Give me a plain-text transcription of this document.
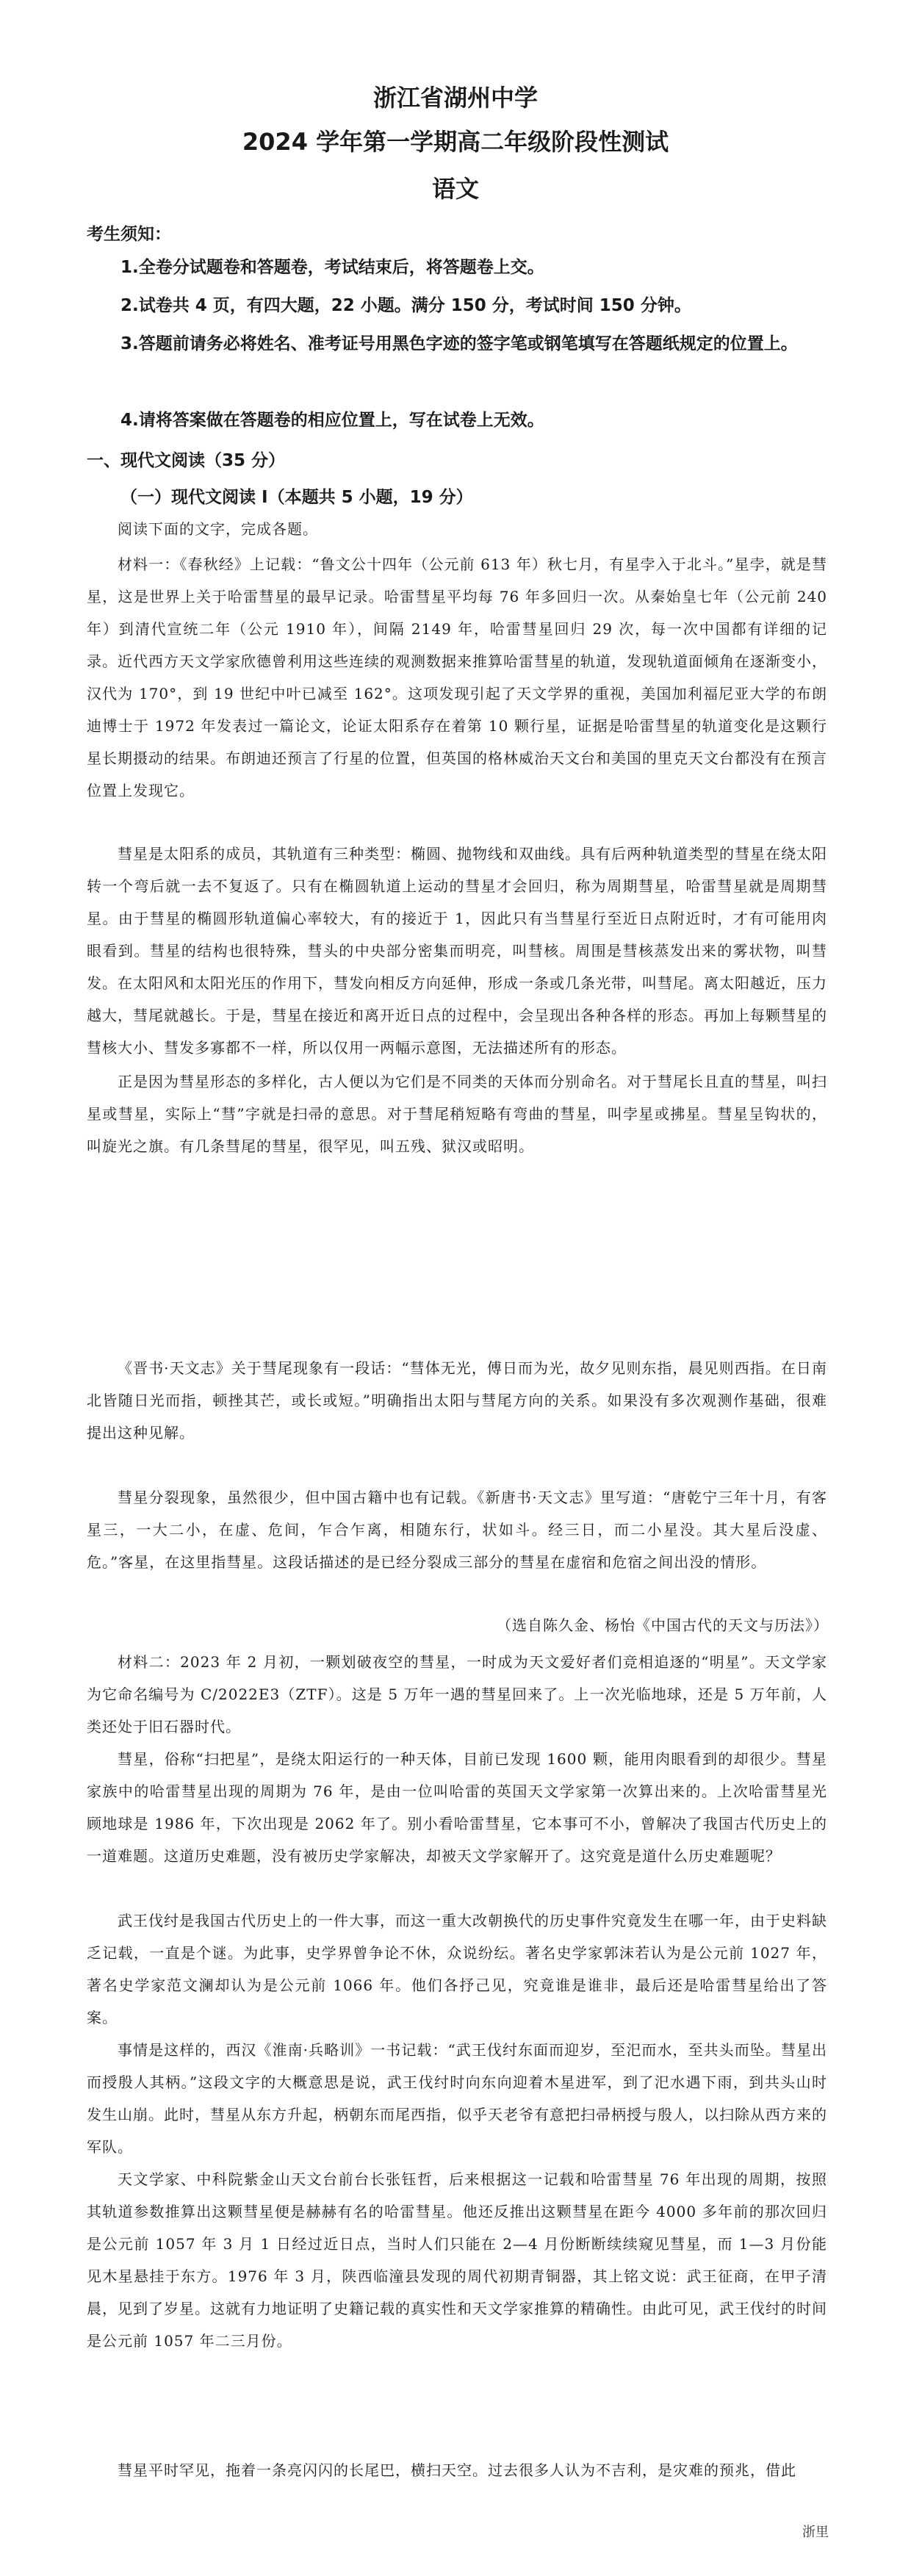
浙江省湖州中学
2024 学年第一学期高二年级阶段性测试
语文
考生须知：
1.全卷分试题卷和答题卷，考试结束后，将答题卷上交。
2.试卷共 4 页，有四大题，22 小题。满分 150 分，考试时间 150 分钟。
3.答题前请务必将姓名、准考证号用黑色字迹的签字笔或钢笔填写在答题纸规定的位置上。
4.请将答案做在答题卷的相应位置上，写在试卷上无效。
一、现代文阅读（35 分）
（一）现代文阅读 I（本题共 5 小题，19 分）
阅读下面的文字，完成各题。
材料一：《春秋经》上记载：“鲁文公十四年（公元前 613 年）秋七月，有星孛入于北斗。”星孛，就是彗星，这是世界上关于哈雷彗星的最早记录。哈雷彗星平均每 76 年多回归一次。从秦始皇七年（公元前 240 年）到清代宣统二年（公元 1910 年），间隔 2149 年，哈雷彗星回归 29 次，每一次中国都有详细的记录。近代西方天文学家欣德曾利用这些连续的观测数据来推算哈雷彗星的轨道，发现轨道面倾角在逐渐变小，汉代为 170°，到 19 世纪中叶已减至 162°。这项发现引起了天文学界的重视，美国加利福尼亚大学的布朗迪博士于 1972 年发表过一篇论文，论证太阳系存在着第 10 颗行星，证据是哈雷彗星的轨道变化是这颗行星长期摄动的结果。布朗迪还预言了行星的位置，但英国的格林威治天文台和美国的里克天文台都没有在预言位置上发现它。
彗星是太阳系的成员，其轨道有三种类型：椭圆、抛物线和双曲线。具有后两种轨道类型的彗星在绕太阳转一个弯后就一去不复返了。只有在椭圆轨道上运动的彗星才会回归，称为周期彗星，哈雷彗星就是周期彗星。由于彗星的椭圆形轨道偏心率较大，有的接近于 1，因此只有当彗星行至近日点附近时，才有可能用肉眼看到。彗星的结构也很特殊，彗头的中央部分密集而明亮，叫彗核。周围是彗核蒸发出来的雾状物，叫彗发。在太阳风和太阳光压的作用下，彗发向相反方向延伸，形成一条或几条光带，叫彗尾。离太阳越近，压力越大，彗尾就越长。于是，彗星在接近和离开近日点的过程中，会呈现出各种各样的形态。再加上每颗彗星的彗核大小、彗发多寡都不一样，所以仅用一两幅示意图，无法描述所有的形态。
正是因为彗星形态的多样化，古人便以为它们是不同类的天体而分别命名。对于彗尾长且直的彗星，叫扫星或彗星，实际上“彗”字就是扫帚的意思。对于彗尾稍短略有弯曲的彗星，叫孛星或拂星。彗星呈钩状的，叫旋光之旗。有几条彗尾的彗星，很罕见，叫五残、狱汉或昭明。
《晋书·天文志》关于彗尾现象有一段话：“彗体无光，傅日而为光，故夕见则东指，晨见则西指。在日南北皆随日光而指，顿挫其芒，或长或短。”明确指出太阳与彗尾方向的关系。如果没有多次观测作基础，很难提出这种见解。
彗星分裂现象，虽然很少，但中国古籍中也有记载。《新唐书·天文志》里写道：“唐乾宁三年十月，有客星三，一大二小，在虚、危间，乍合乍离，相随东行，状如斗。经三日，而二小星没。其大星后没虚、危。”客星，在这里指彗星。这段话描述的是已经分裂成三部分的彗星在虚宿和危宿之间出没的情形。
（选自陈久金、杨怡《中国古代的天文与历法》）
材料二：2023 年 2 月初，一颗划破夜空的彗星，一时成为天文爱好者们竞相追逐的“明星”。天文学家为它命名编号为 C/2022E3（ZTF）。这是 5 万年一遇的彗星回来了。上一次光临地球，还是 5 万年前，人类还处于旧石器时代。
彗星，俗称“扫把星”，是绕太阳运行的一种天体，目前已发现 1600 颗，能用肉眼看到的却很少。彗星家族中的哈雷彗星出现的周期为 76 年，是由一位叫哈雷的英国天文学家第一次算出来的。上次哈雷彗星光顾地球是 1986 年，下次出现是 2062 年了。别小看哈雷彗星，它本事可不小，曾解决了我国古代历史上的一道难题。这道历史难题，没有被历史学家解决，却被天文学家解开了。这究竟是道什么历史难题呢？
武王伐纣是我国古代历史上的一件大事，而这一重大改朝换代的历史事件究竟发生在哪一年，由于史料缺乏记载，一直是个谜。为此事，史学界曾争论不休，众说纷纭。著名史学家郭沫若认为是公元前 1027 年，著名史学家范文澜却认为是公元前 1066 年。他们各抒己见，究竟谁是谁非，最后还是哈雷彗星给出了答案。
事情是这样的，西汉《淮南·兵略训》一书记载：“武王伐纣东面而迎岁，至汜而水，至共头而坠。彗星出而授殷人其柄。”这段文字的大概意思是说，武王伐纣时向东向迎着木星进军，到了汜水遇下雨，到共头山时发生山崩。此时，彗星从东方升起，柄朝东而尾西指，似乎天老爷有意把扫帚柄授与殷人，以扫除从西方来的军队。
天文学家、中科院紫金山天文台前台长张钰哲，后来根据这一记载和哈雷彗星 76 年出现的周期，按照其轨道参数推算出这颗彗星便是赫赫有名的哈雷彗星。他还反推出这颗彗星在距今 4000 多年前的那次回归是公元前 1057 年 3 月 1 日经过近日点，当时人们只能在 2—4 月份断断续续窥见彗星，而 1—3 月份能见木星悬挂于东方。1976 年 3 月，陕西临潼县发现的周代初期青铜器，其上铭文说：武王征商，在甲子清晨，见到了岁星。这就有力地证明了史籍记载的真实性和天文学家推算的精确性。由此可见，武王伐纣的时间是公元前 1057 年二三月份。
彗星平时罕见，拖着一条亮闪闪的长尾巴，横扫天空。过去很多人认为不吉利，是灾难的预兆，借此
浙里
